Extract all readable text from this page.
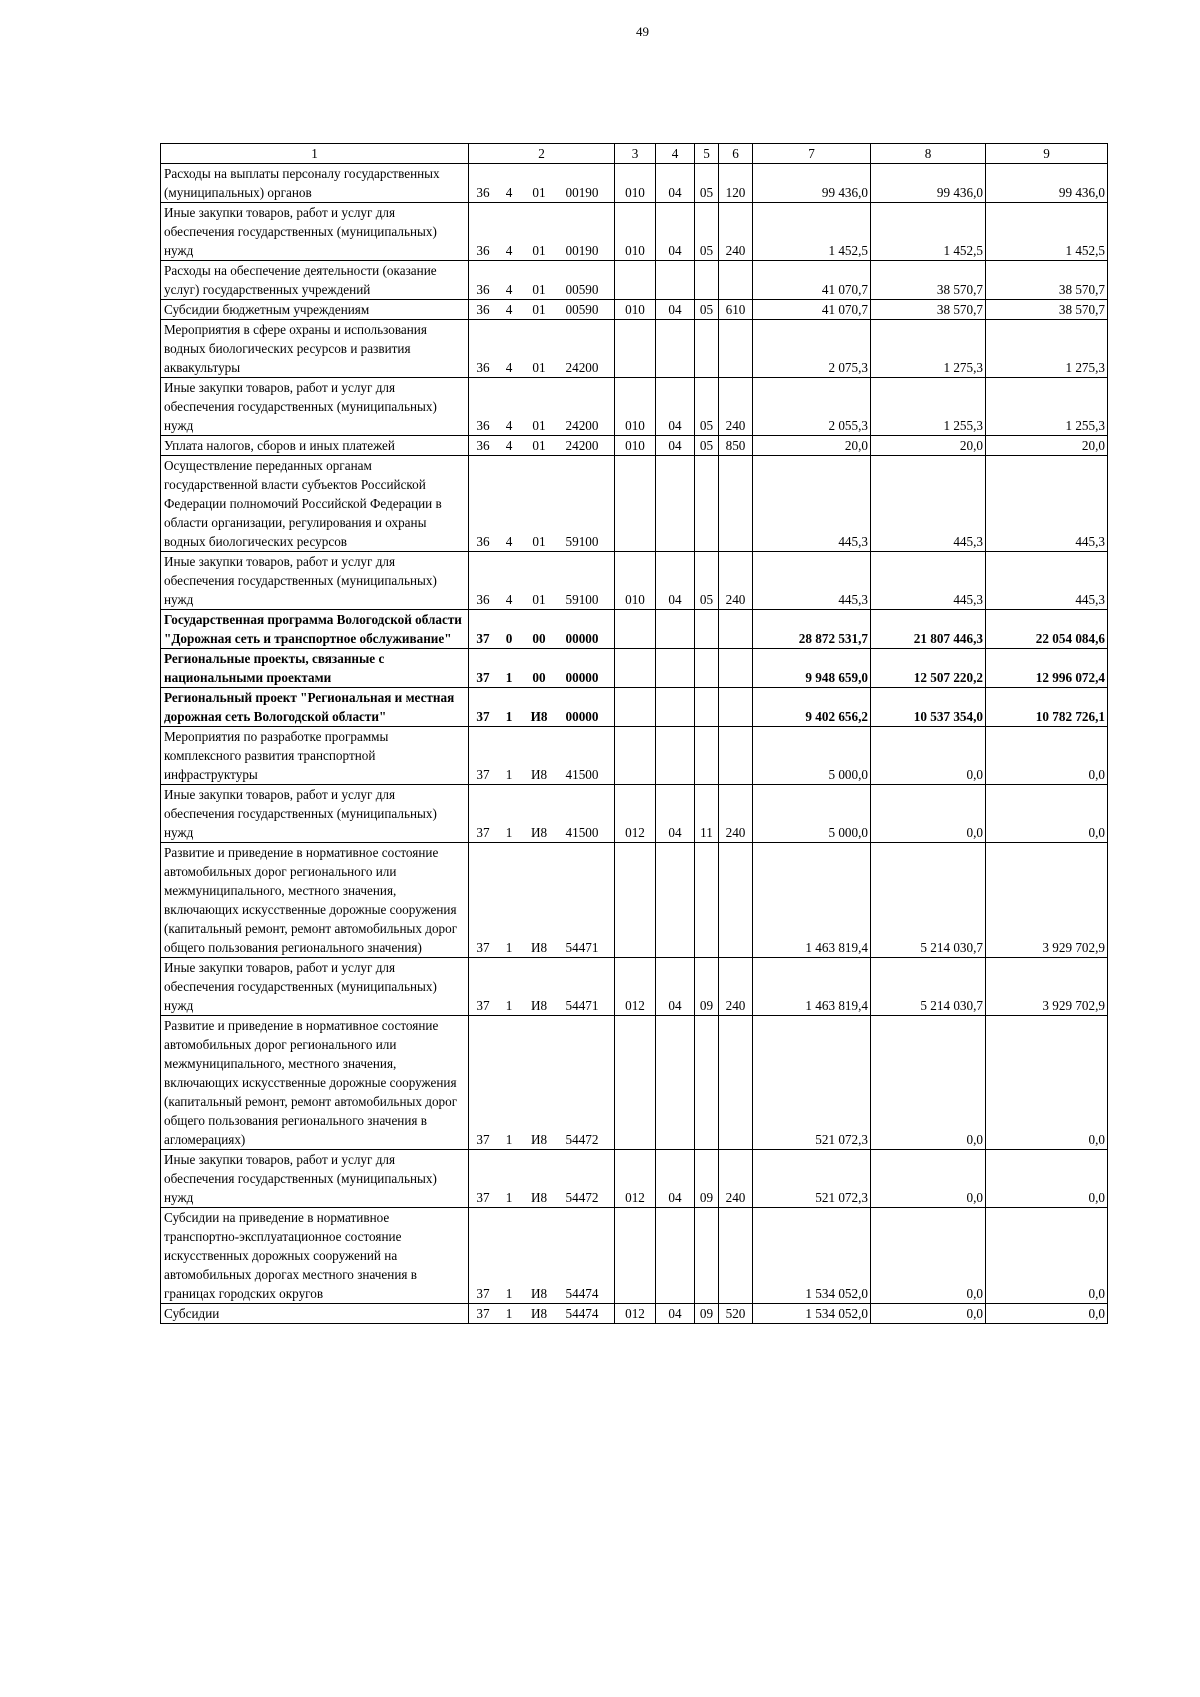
49
1	2	3	4	5	6	7	8	9
Расходы на выплаты персоналу государственных (муниципальных) органов	36 4 01 00190	010	04	05	120	99 436,0	99 436,0	99 436,0
Иные закупки товаров, работ и услуг для обеспечения государственных (муниципальных) нужд	36 4 01 00190	010	04	05	240	1 452,5	1 452,5	1 452,5
Расходы на обеспечение деятельности (оказание услуг) государственных учреждений	36 4 01 00590					41 070,7	38 570,7	38 570,7
Субсидии бюджетным учреждениям	36 4 01 00590	010	04	05	610	41 070,7	38 570,7	38 570,7
Мероприятия в сфере охраны и использования водных биологических ресурсов и развития аквакультуры	36 4 01 24200					2 075,3	1 275,3	1 275,3
Иные закупки товаров, работ и услуг для обеспечения государственных (муниципальных) нужд	36 4 01 24200	010	04	05	240	2 055,3	1 255,3	1 255,3
Уплата налогов, сборов и иных платежей	36 4 01 24200	010	04	05	850	20,0	20,0	20,0
Осуществление переданных органам государственной власти субъектов Российской Федерации полномочий Российской Федерации в области организации, регулирования и охраны водных биологических ресурсов	36 4 01 59100					445,3	445,3	445,3
Иные закупки товаров, работ и услуг для обеспечения государственных (муниципальных) нужд	36 4 01 59100	010	04	05	240	445,3	445,3	445,3
Государственная программа Вологодской области "Дорожная сеть и транспортное обслуживание"	37 0 00 00000					28 872 531,7	21 807 446,3	22 054 084,6
Региональные проекты, связанные с национальными проектами	37 1 00 00000					9 948 659,0	12 507 220,2	12 996 072,4
Региональный проект "Региональная и местная дорожная сеть Вологодской области"	37 1 И8 00000					9 402 656,2	10 537 354,0	10 782 726,1
Мероприятия по разработке программы комплексного развития транспортной инфраструктуры	37 1 И8 41500					5 000,0	0,0	0,0
Иные закупки товаров, работ и услуг для обеспечения государственных (муниципальных) нужд	37 1 И8 41500	012	04	11	240	5 000,0	0,0	0,0
Развитие и приведение в нормативное состояние автомобильных дорог регионального или межмуниципального, местного значения, включающих искусственные дорожные сооружения (капитальный ремонт, ремонт автомобильных дорог общего пользования регионального значения)	37 1 И8 54471					1 463 819,4	5 214 030,7	3 929 702,9
Иные закупки товаров, работ и услуг для обеспечения государственных (муниципальных) нужд	37 1 И8 54471	012	04	09	240	1 463 819,4	5 214 030,7	3 929 702,9
Развитие и приведение в нормативное состояние автомобильных дорог регионального или межмуниципального, местного значения, включающих искусственные дорожные сооружения (капитальный ремонт, ремонт автомобильных дорог общего пользования регионального значения в агломерациях)	37 1 И8 54472					521 072,3	0,0	0,0
Иные закупки товаров, работ и услуг для обеспечения государственных (муниципальных) нужд	37 1 И8 54472	012	04	09	240	521 072,3	0,0	0,0
Субсидии на приведение в нормативное транспортно-эксплуатационное состояние искусственных дорожных сооружений на автомобильных дорогах местного значения в границах городских округов	37 1 И8 54474					1 534 052,0	0,0	0,0
Субсидии	37 1 И8 54474	012	04	09	520	1 534 052,0	0,0	0,0
